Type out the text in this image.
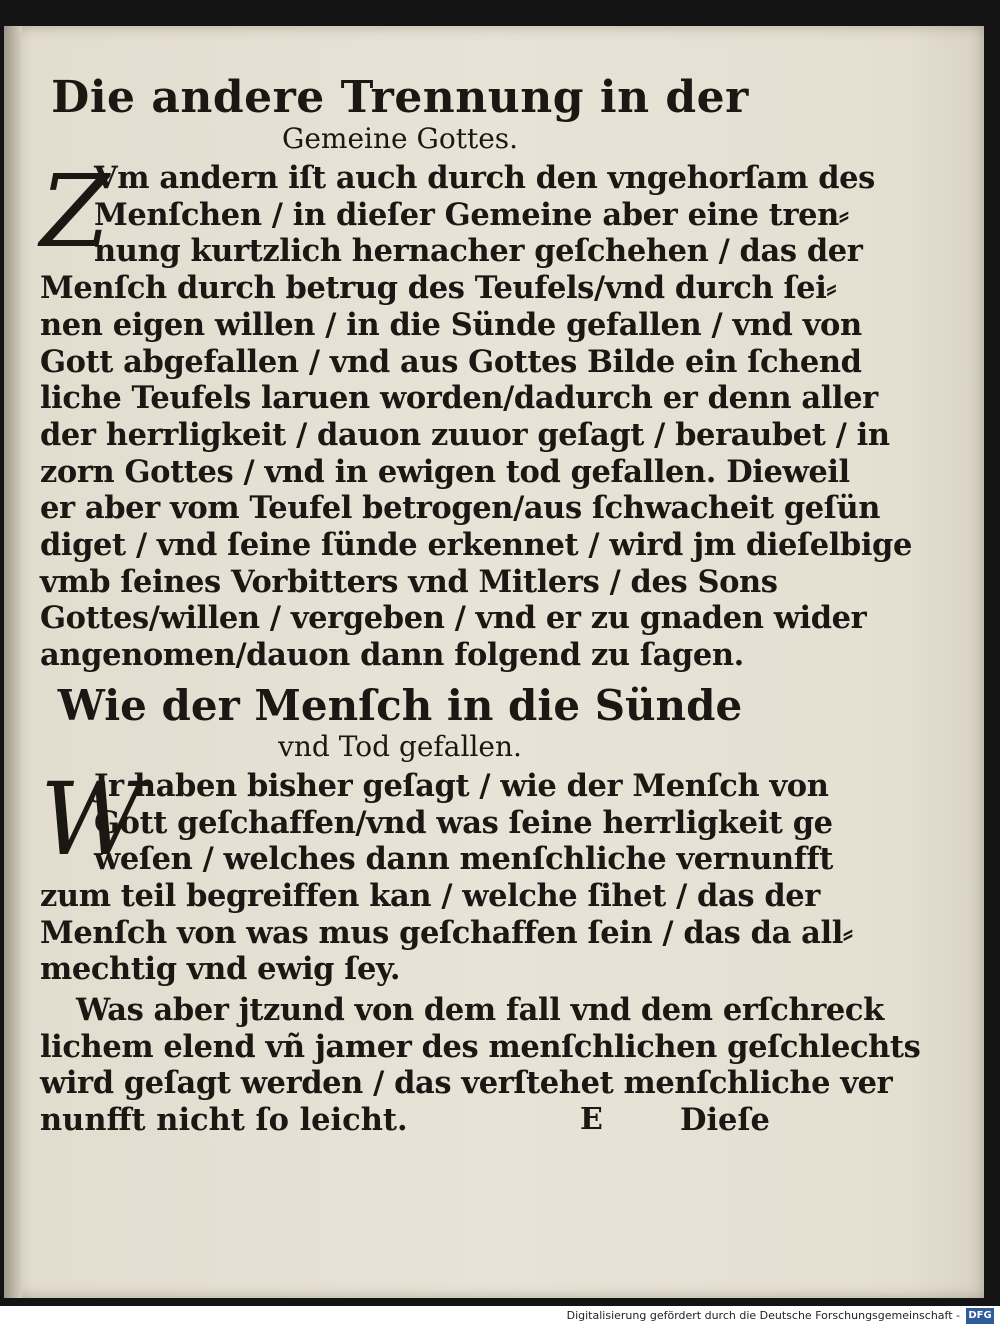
Die andere Trennung in der
Gemeine Gottes.
Z
Vm andern iſt auch durch den vngehorſam des
Menſchen / in dieſer Gemeine aber eine tren⸗
nung kurtzlich hernacher geſchehen / das der
Menſch durch betrug des Teufels/vnd durch ſei⸗
nen eigen willen / in die Sünde gefallen / vnd von
Gott abgefallen / vnd aus Gottes Bilde ein ſchend
liche Teufels laruen worden/dadurch er denn aller
der herrligkeit / dauon zuuor geſagt / beraubet / in
zorn Gottes / vnd in ewigen tod gefallen. Dieweil
er aber vom Teufel betrogen/aus ſchwacheit geſün
diget / vnd ſeine ſünde erkennet / wird jm dieſelbige
vmb ſeines Vorbitters vnd Mitlers / des Sons
Gottes/willen / vergeben / vnd er zu gnaden wider
angenomen/dauon dann folgend zu ſagen.
Wie der Menſch in die Sünde
vnd Tod gefallen.
W
Jr haben bisher geſagt / wie der Menſch von
Gott geſchaffen/vnd was ſeine herrligkeit ge
weſen / welches dann menſchliche vernunfft
zum teil begreiffen kan / welche ſihet / das der
Menſch von was mus geſchaffen ſein / das da all⸗
mechtig vnd ewig ſey.
Was aber jtzund von dem fall vnd dem erſchreck
lichem elend vñ jamer des menſchlichen geſchlechts
wird geſagt werden / das verſtehet menſchliche ver
nunfft nicht ſo leicht.	E	Dieſe
Digitalisierung gefördert durch die Deutsche Forschungsgemeinschaft - DFG
